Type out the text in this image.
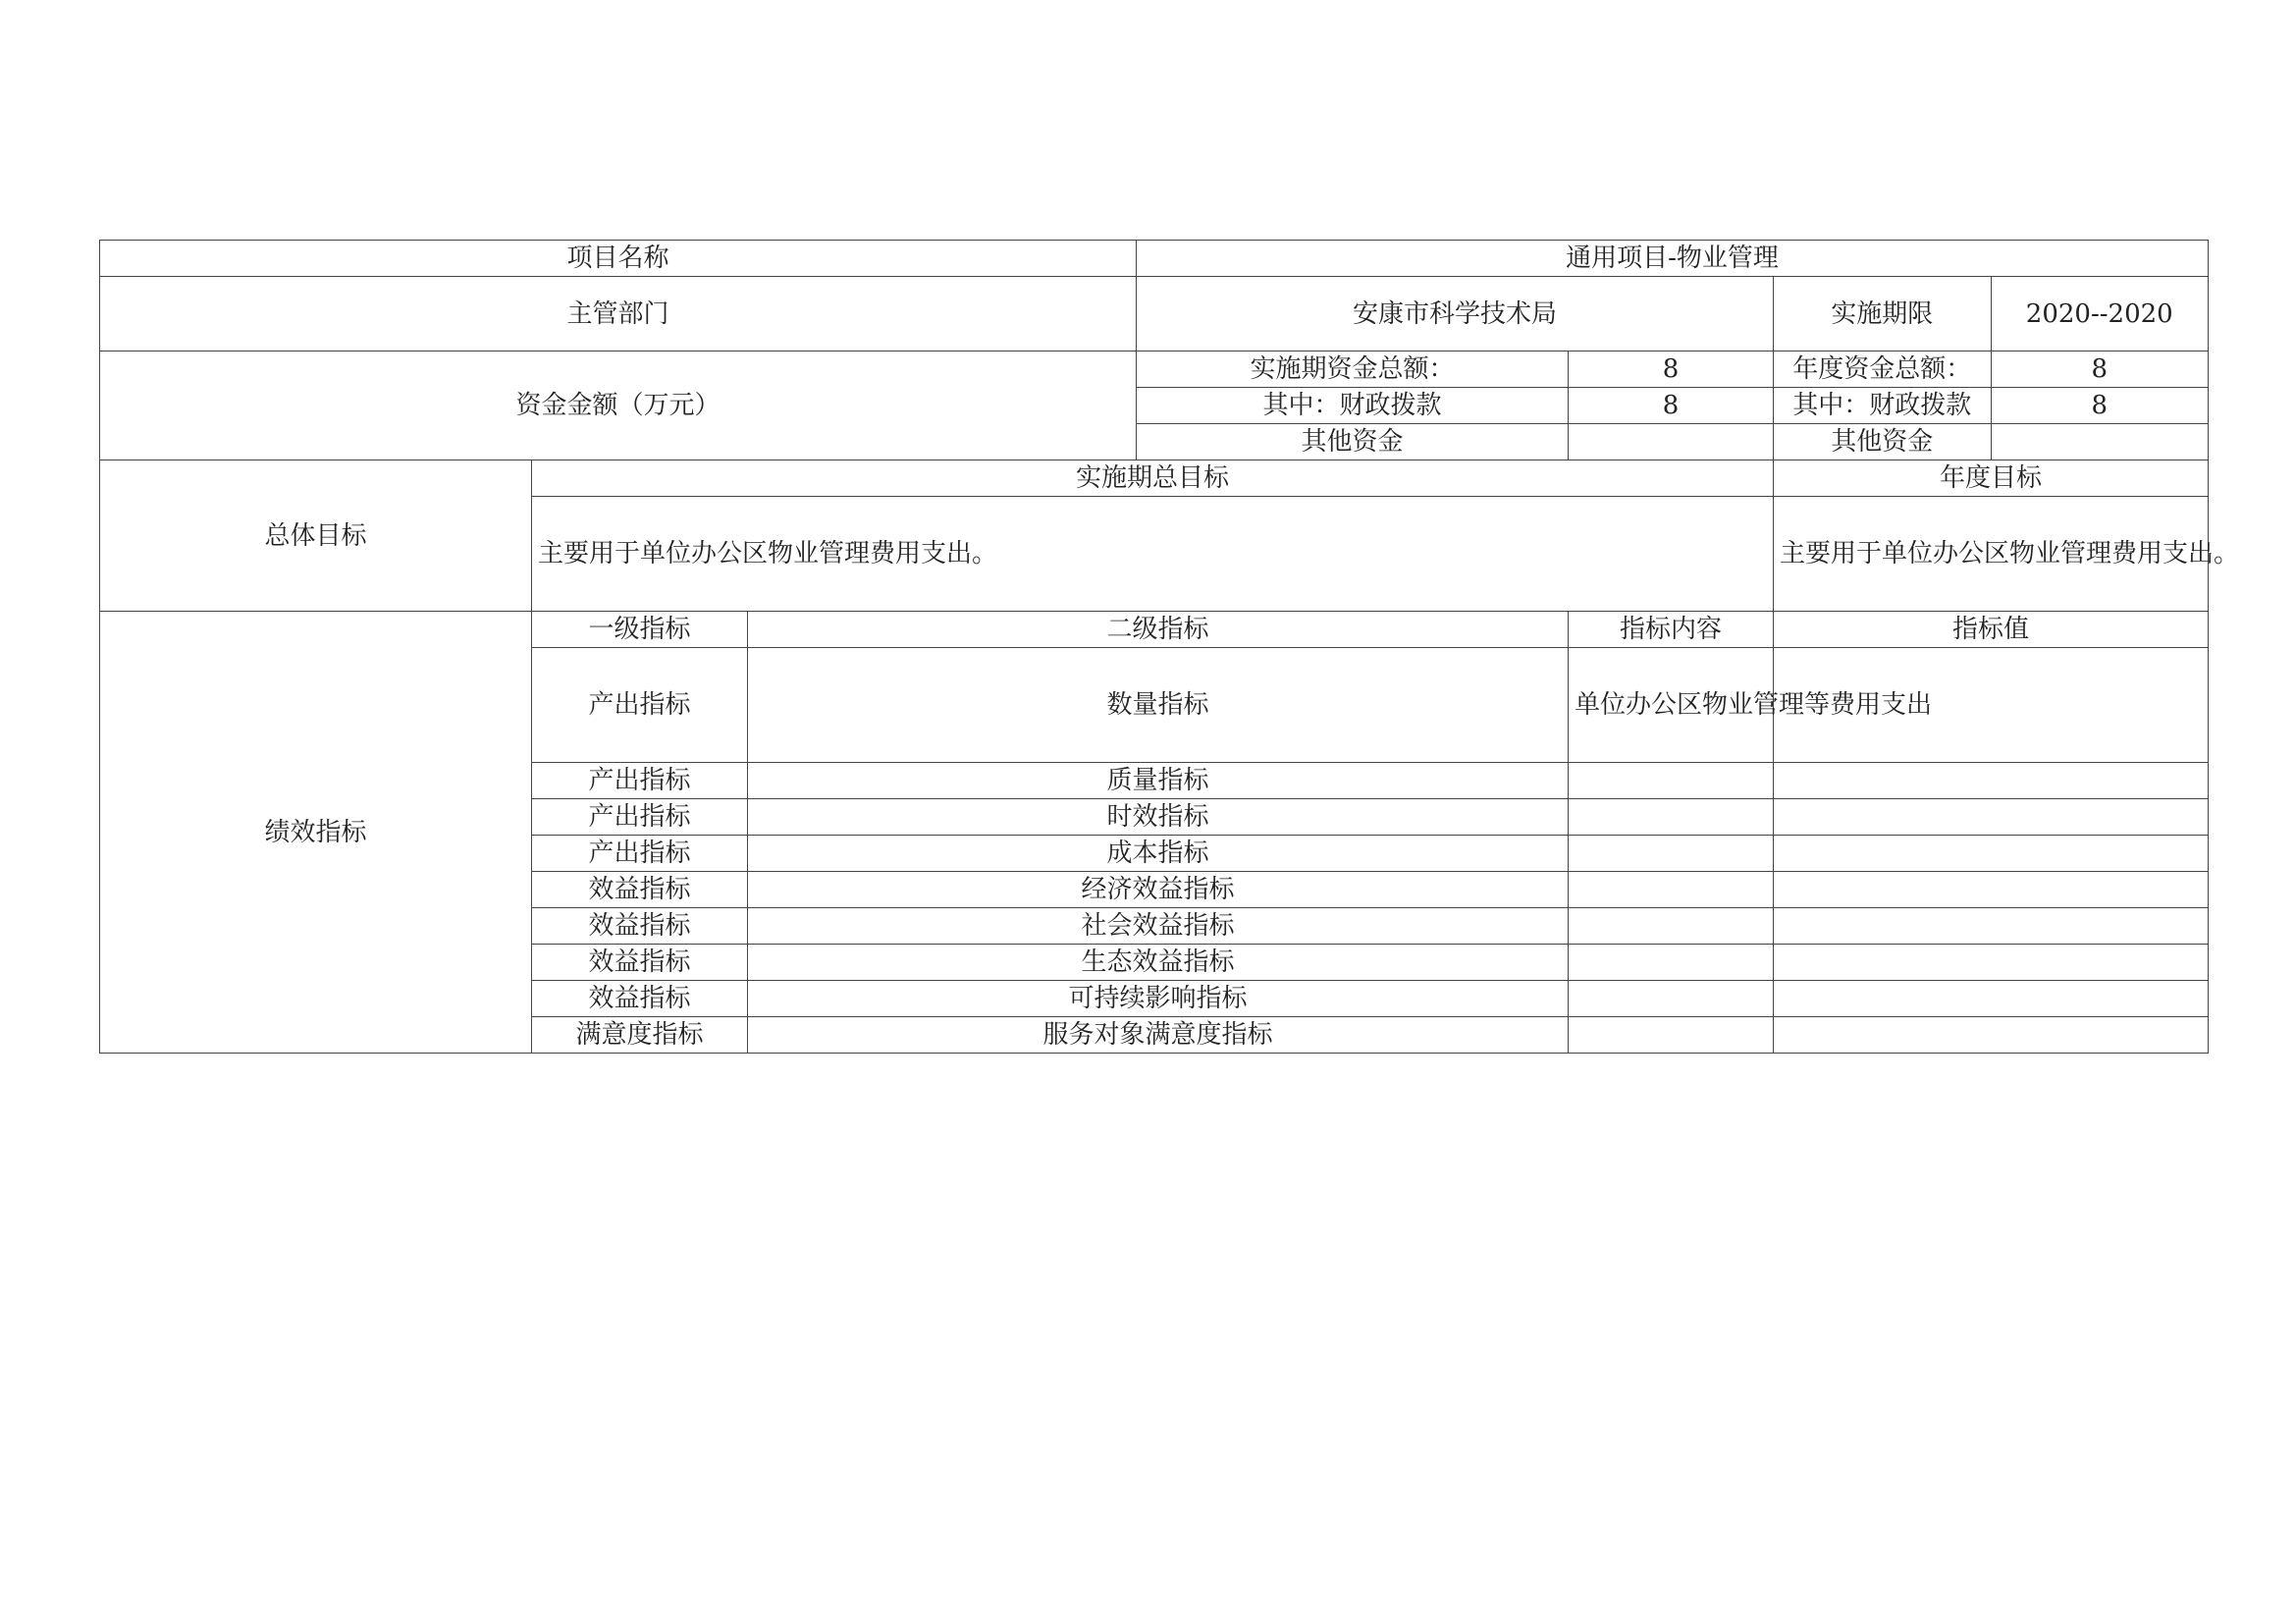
项目名称			通用项目-物业管理			
主管部门			安康市科学技术局		实施期限	2020--2020
资金金额（万元）			实施期资金总额：	8	年度资金总额：	8
			其中：财政拨款	8	其中：财政拨款	8
			其他资金		其他资金	
总体目标	实施期总目标				年度目标	
	主要用于单位办公区物业管理费用支出。				主要用于单位办公区物业管理费用支出。	
绩效指标	一级指标	二级指标		指标内容	指标值	
	产出指标	数量指标		单位办公区物业管理等费用支出		
	产出指标	质量指标				
	产出指标	时效指标				
	产出指标	成本指标				
	效益指标	经济效益指标				
	效益指标	社会效益指标				
	效益指标	生态效益指标				
	效益指标	可持续影响指标				
	满意度指标	服务对象满意度指标				
